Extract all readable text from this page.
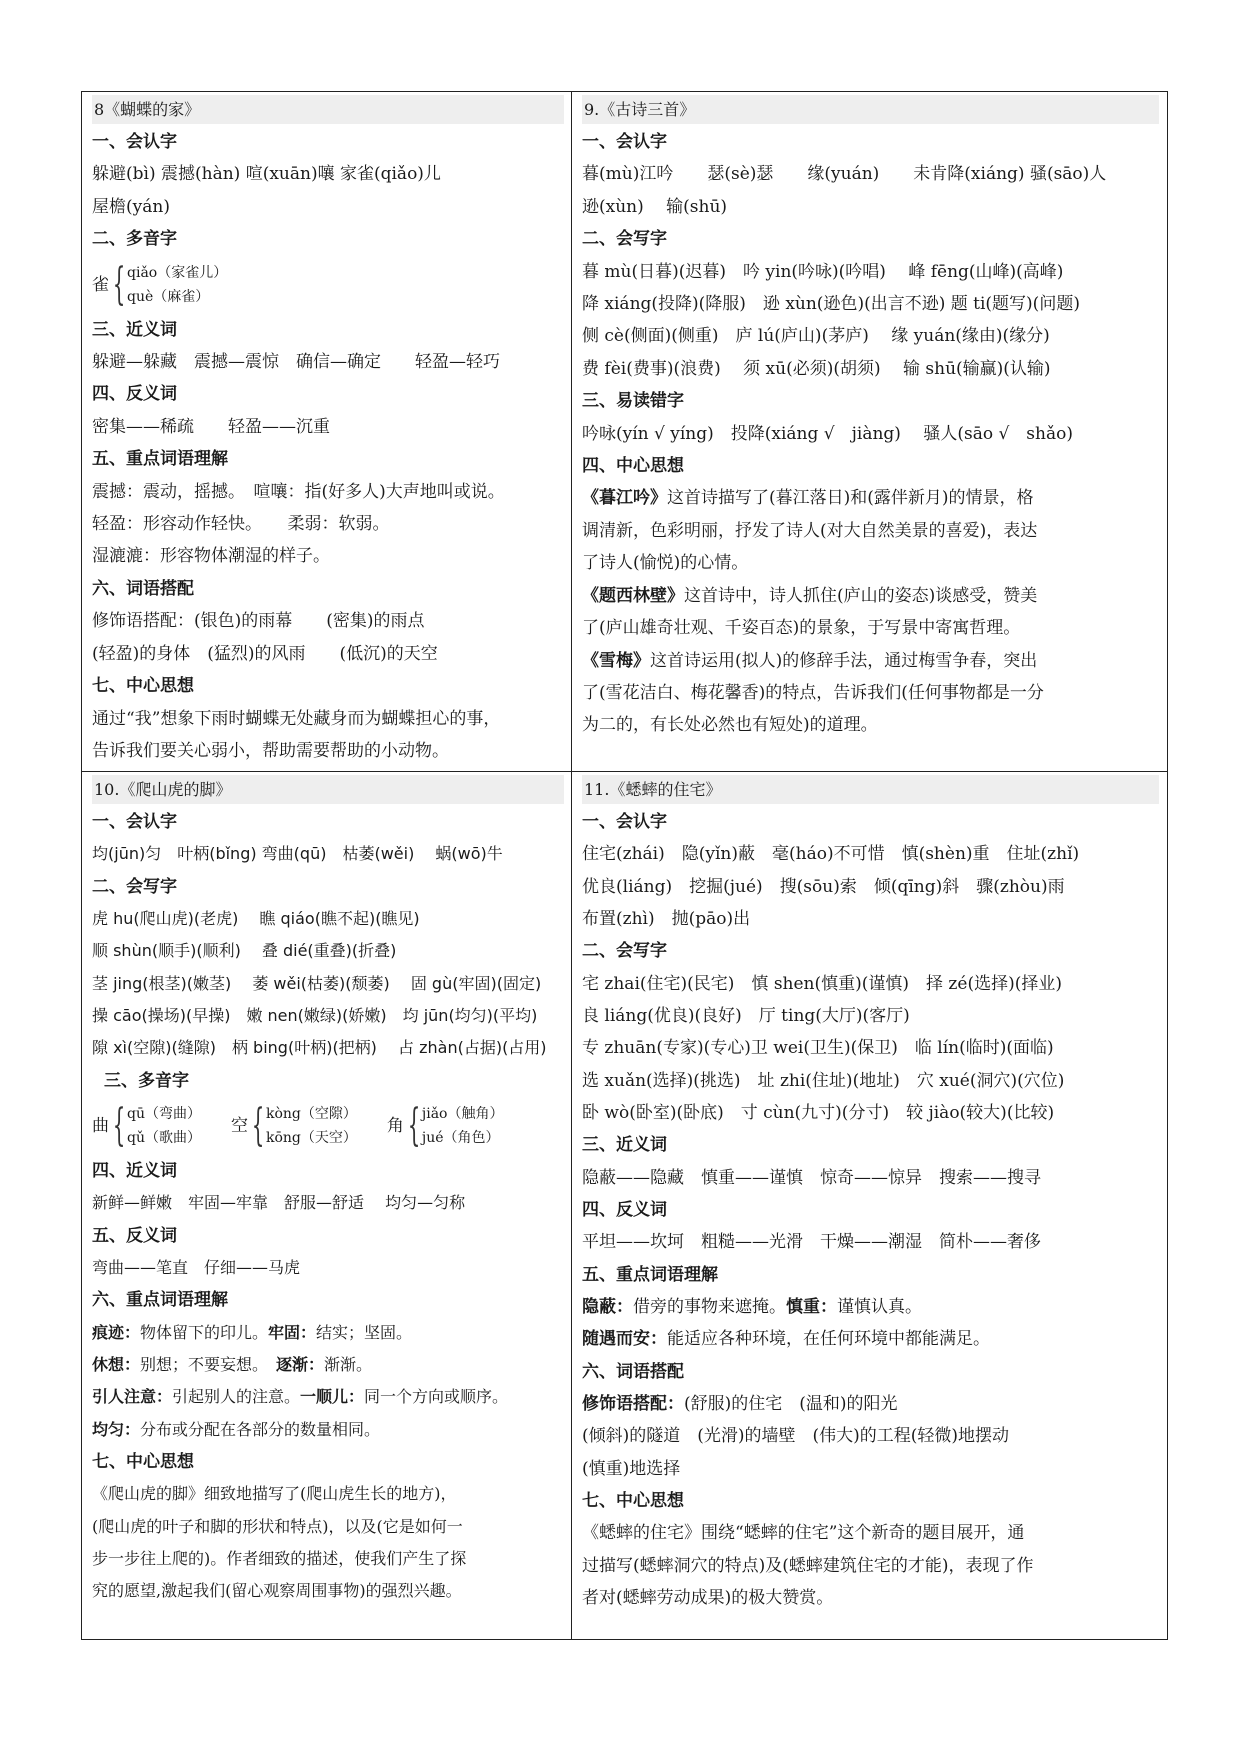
8《蝴蝶的家》
一、会认字
躲避(bì) 震撼(hàn) 喧(xuān)嚷 家雀(qiǎo)儿
屋檐(yán)
二、多音字
雀 { qiǎo（家雀儿）
què（麻雀）
三、近义词
躲避—躲藏　震撼—震惊　确信—确定　　轻盈—轻巧
四、反义词
密集——稀疏　　轻盈——沉重
五、重点词语理解
震撼：震动，摇撼。　喧嚷：指(好多人)大声地叫或说。
轻盈：形容动作轻快。　　柔弱：软弱。
湿漉漉：形容物体潮湿的样子。
六、词语搭配
修饰语搭配：(银色)的雨幕　　(密集)的雨点
(轻盈)的身体　(猛烈)的风雨　　(低沉)的天空
七、中心思想
通过“我”想象下雨时蝴蝶无处藏身而为蝴蝶担心的事，
告诉我们要关心弱小，帮助需要帮助的小动物。
9.《古诗三首》
一、会认字
暮(mù)江吟　　瑟(sè)瑟　　缘(yuán)　　未肯降(xiáng) 骚(sāo)人
逊(xùn)　 输(shū)
二、会写字
暮 mù(日暮)(迟暮)　吟 yin(吟咏)(吟唱)　 峰 fēng(山峰)(高峰)
降 xiáng(投降)(降服)　逊 xùn(逊色)(出言不逊) 题 ti(题写)(问题)
侧 cè(侧面)(侧重)　庐 lú(庐山)(茅庐)　 缘 yuán(缘由)(缘分)
费 fèi(费事)(浪费)　 须 xū(必须)(胡须)　 输 shū(输赢)(认输)
三、易读错字
吟咏(yín √ yíng)　投降(xiáng √　jiàng)　 骚人(sāo √　shǎo)
四、中心思想
《暮江吟》这首诗描写了(暮江落日)和(露伴新月)的情景，格
调清新，色彩明丽，抒发了诗人(对大自然美景的喜爱)，表达
了诗人(愉悦)的心情。
《题西林壁》这首诗中，诗人抓住(庐山的姿态)谈感受，赞美
了(庐山雄奇壮观、千姿百态)的景象，于写景中寄寓哲理。
《雪梅》这首诗运用(拟人)的修辞手法，通过梅雪争春，突出
了(雪花洁白、梅花馨香)的特点，告诉我们(任何事物都是一分
为二的，有长处必然也有短处)的道理。
10.《爬山虎的脚》
一、会认字
均(jūn)匀　叶柄(bǐng) 弯曲(qū)　枯萎(wěi)　 蜗(wō)牛
二、会写字
虎 hu(爬山虎)(老虎)　 瞧 qiáo(瞧不起)(瞧见)
顺 shùn(顺手)(顺利)　 叠 dié(重叠)(折叠)
茎 jing(根茎)(嫩茎)　 萎 wěi(枯萎)(颓萎)　 固 gù(牢固)(固定)
操 cāo(操场)(早操)　嫩 nen(嫩绿)(娇嫩)　均 jūn(均匀)(平均)
隙 xì(空隙)(缝隙)　柄 bing(叶柄)(把柄)　 占 zhàn(占据)(占用)
三、多音字
曲 { qū（弯曲）
qǔ（歌曲）
空 { kòng（空隙）
kōng（天空）
角 { jiǎo（触角）
jué（角色）
四、近义词
新鲜—鲜嫩　牢固—牢靠　舒服—舒适　 均匀—匀称
五、反义词
弯曲——笔直　仔细——马虎
六、重点词语理解
痕迹：物体留下的印儿。牢固：结实；坚固。
休想：别想；不要妄想。　逐渐：渐渐。
引人注意：引起别人的注意。一顺儿：同一个方向或顺序。
均匀：分布或分配在各部分的数量相同。
七、中心思想
《爬山虎的脚》细致地描写了(爬山虎生长的地方)，
(爬山虎的叶子和脚的形状和特点)，以及(它是如何一
步一步往上爬的)。作者细致的描述，使我们产生了探
究的愿望,激起我们(留心观察周围事物)的强烈兴趣。
11.《蟋蟀的住宅》
一、会认字
住宅(zhái)　隐(yǐn)蔽　毫(háo)不可惜　慎(shèn)重　住址(zhǐ)
优良(liáng)　挖掘(jué)　搜(sōu)索　倾(qīng)斜　骤(zhòu)雨
布置(zhì)　抛(pāo)出
二、会写字
宅 zhai(住宅)(民宅)　慎 shen(慎重)(谨慎)　择 zé(选择)(择业)
良 liáng(优良)(良好)　厅 ting(大厅)(客厅)
专 zhuān(专家)(专心)卫 wei(卫生)(保卫)　临 lín(临时)(面临)
选 xuǎn(选择)(挑选)　址 zhi(住址)(地址)　穴 xué(洞穴)(穴位)
卧 wò(卧室)(卧底)　寸 cùn(九寸)(分寸)　较 jiào(较大)(比较)
三、近义词
隐蔽——隐藏　慎重——谨慎　惊奇——惊异　搜索——搜寻
四、反义词
平坦——坎坷　粗糙——光滑　干燥——潮湿　简朴——奢侈
五、重点词语理解
隐蔽：借旁的事物来遮掩。慎重：谨慎认真。
随遇而安：能适应各种环境，在任何环境中都能满足。
六、词语搭配
修饰语搭配：(舒服)的住宅　(温和)的阳光
(倾斜)的隧道　(光滑)的墙壁　(伟大)的工程(轻微)地摆动
(慎重)地选择
七、中心思想
《蟋蟀的住宅》围绕“蟋蟀的住宅”这个新奇的题目展开，通
过描写(蟋蟀洞穴的特点)及(蟋蟀建筑住宅的才能)，表现了作
者对(蟋蟀劳动成果)的极大赞赏。
